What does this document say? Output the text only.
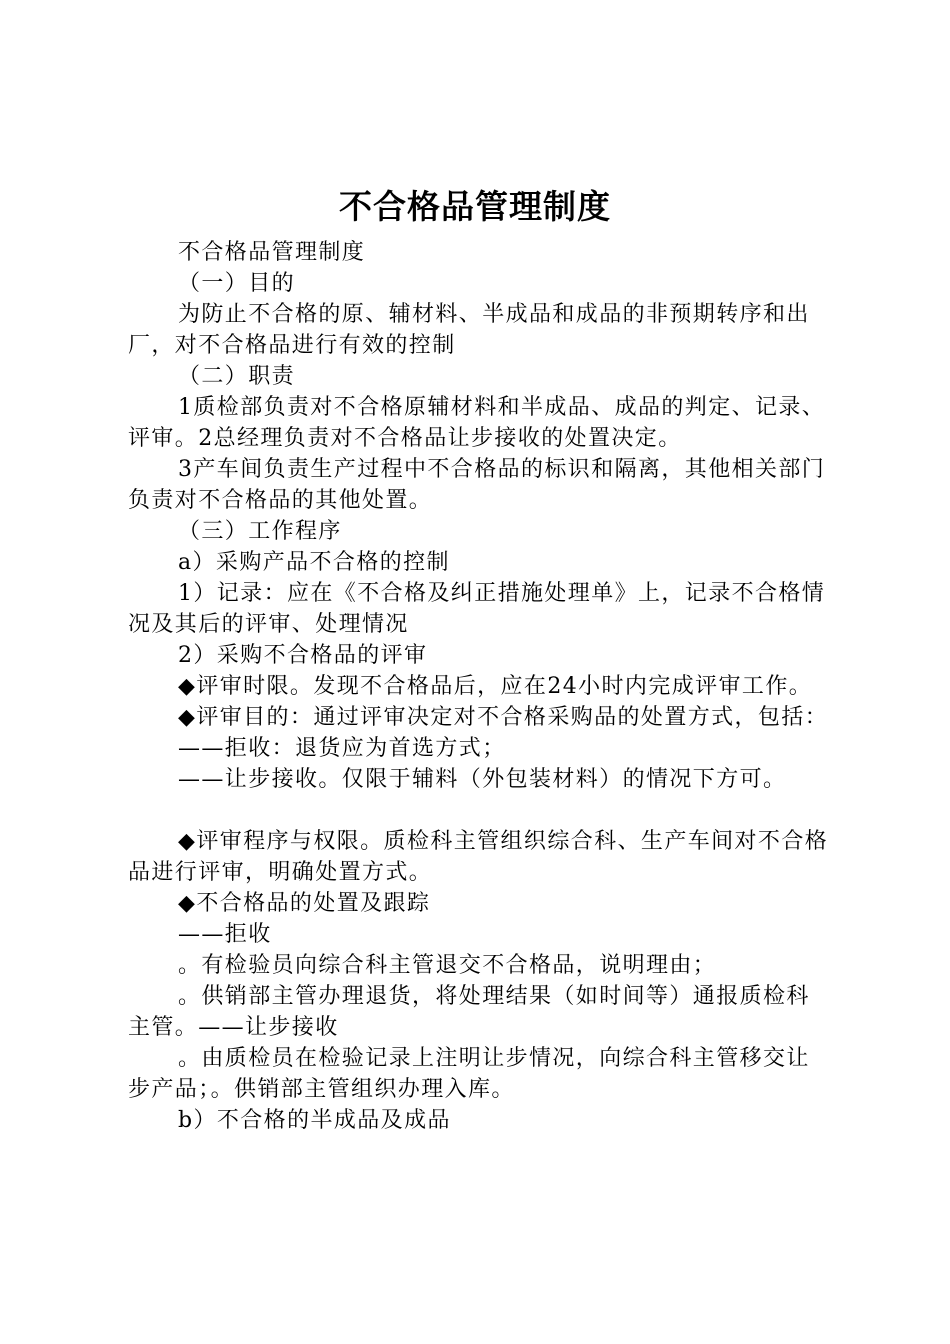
不合格品管理制度

不合格品管理制度

（一）目的

为防止不合格的原、辅材料、半成品和成品的非预期转序和出厂，对不合格品进行有效的控制

（二）职责

1质检部负责对不合格原辅材料和半成品、成品的判定、记录、评审。2总经理负责对不合格品让步接收的处置决定。

3产车间负责生产过程中不合格品的标识和隔离，其他相关部门负责对不合格品的其他处置。

（三）工作程序

a）采购产品不合格的控制

1）记录：应在《不合格及纠正措施处理单》上，记录不合格情况及其后的评审、处理情况

2）采购不合格品的评审

◆评审时限。发现不合格品后，应在24小时内完成评审工作。

◆评审目的：通过评审决定对不合格采购品的处置方式，包括：

——拒收：退货应为首选方式；

——让步接收。仅限于辅料（外包装材料）的情况下方可。

◆评审程序与权限。质检科主管组织综合科、生产车间对不合格品进行评审，明确处置方式。

◆不合格品的处置及跟踪

——拒收

。有检验员向综合科主管退交不合格品，说明理由；

。供销部主管办理退货，将处理结果（如时间等）通报质检科主管。——让步接收

。由质检员在检验记录上注明让步情况，向综合科主管移交让步产品；。供销部主管组织办理入库。

b）不合格的半成品及成品
